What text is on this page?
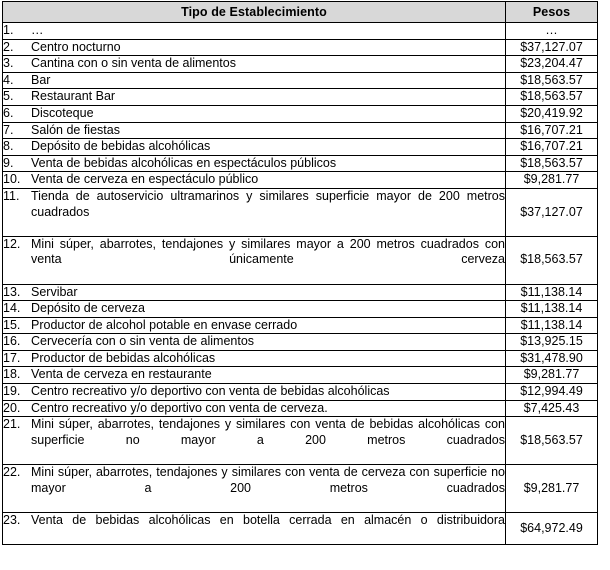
Tipo de Establecimiento	Pesos

1. …	…

2. Centro nocturno	$37,127.07

3. Cantina con o sin venta de alimentos	$23,204.47

4. Bar	$18,563.57

5. Restaurant Bar	$18,563.57

6. Discoteque	$20,419.92

7. Salón de fiestas	$16,707.21

8. Depósito de bebidas alcohólicas	$16,707.21

9. Venta de bebidas alcohólicas en espectáculos públicos	$18,563.57

10. Venta de cerveza en espectáculo público	$9,281.77

11. Tienda de autoservicio ultramarinos y similares superficie mayor de 200 metros cuadrados	$37,127.07

12. Mini súper, abarrotes, tendajones y similares mayor a 200 metros cuadrados con venta únicamente cerveza	$18,563.57

13. Servibar	$11,138.14

14. Depósito de cerveza	$11,138.14

15. Productor de alcohol potable en envase cerrado	$11,138.14

16. Cervecería con o sin venta de alimentos	$13,925.15

17. Productor de bebidas alcohólicas	$31,478.90

18. Venta de cerveza en restaurante	$9,281.77

19. Centro recreativo y/o deportivo con venta de bebidas alcohólicas	$12,994.49

20. Centro recreativo y/o deportivo con venta de cerveza.	$7,425.43

21. Mini súper, abarrotes, tendajones y similares con venta de bebidas alcohólicas con superficie no mayor a 200 metros cuadrados	$18,563.57

22. Mini súper, abarrotes, tendajones y similares con venta de cerveza con superficie no mayor a 200 metros cuadrados	$9,281.77

23. Venta de bebidas alcohólicas en botella cerrada en almacén o distribuidora	$64,972.49
